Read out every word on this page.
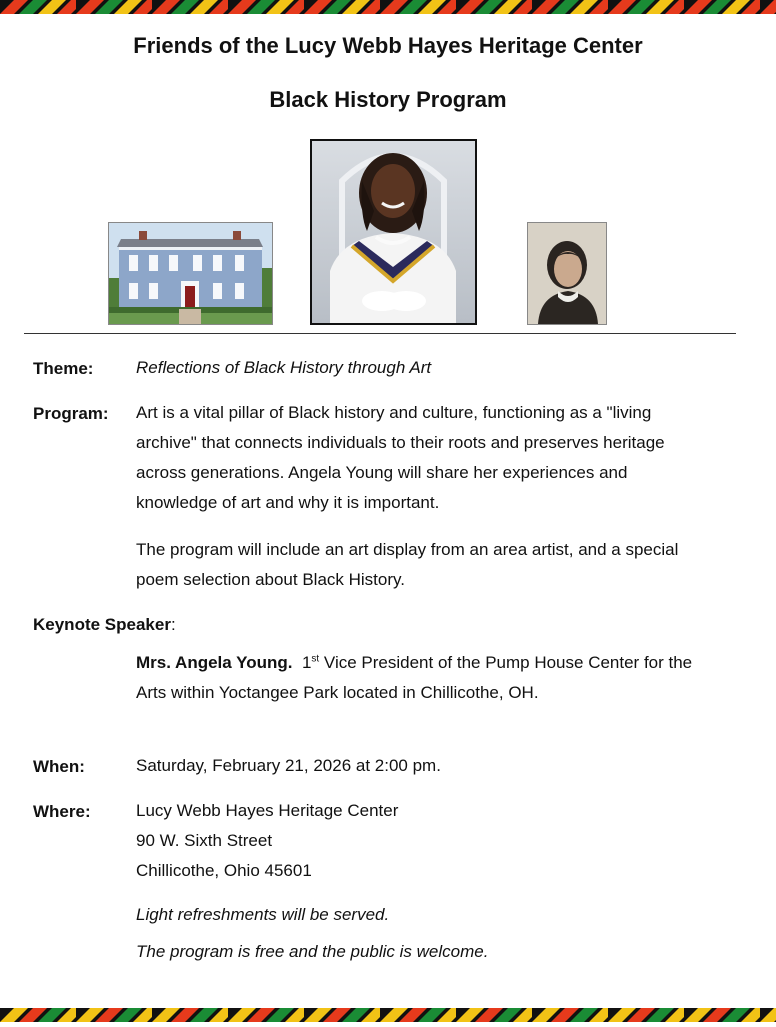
Friends of the Lucy Webb Hayes Heritage Center
Black History Program
Theme:	Reflections of Black History through Art
Program: Art is a vital pillar of Black history and culture, functioning as a "living
archive" that connects individuals to their roots and preserves heritage
across generations. Angela Young will share her experiences and
knowledge of art and why it is important.
The program will include an art display from an area artist, and a special
poem selection about Black History.
Keynote Speaker:
Mrs. Angela Young. 1st Vice President of the Pump House Center for the
Arts within Yoctangee Park located in Chillicothe, OH.
When:	Saturday, February 21, 2026 at 2:00 pm.
Where:	Lucy Webb Hayes Heritage Center
90 W. Sixth Street
Chillicothe, Ohio 45601
Light refreshments will be served.
The program is free and the public is welcome.
